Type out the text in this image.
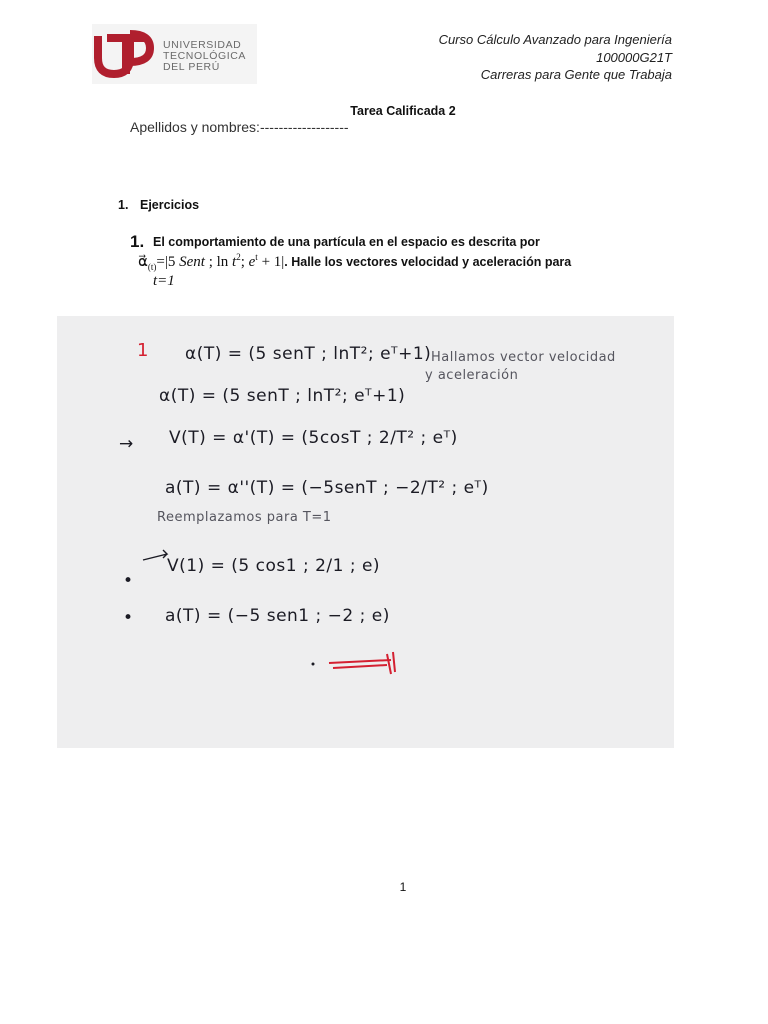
UNIVERSIDAD
TECNOLÓGICA
DEL PERÚ
Curso Cálculo Avanzado para Ingeniería
100000G21T
Carreras para Gente que Trabaja
Tarea Calificada 2
Apellidos y nombres:-------------------
1. Ejercicios
1. El comportamiento de una partícula en el espacio es descrita por
$\alpha⃗_{(t)}=|5$ Sent ; $\ln t^2$; $e^t + 1|$. Halle los vectores velocidad y aceleración para
t=1
1 α(T) = (5 senT ; lnT²; eᵀ+1) Hallamos vector velocidad
y aceleración
α(T) = (5 senT ; lnT²; eᵀ+1)
→ V(T) = α'(T) = (5cosT ; 2/T² ; eᵀ)
a(T) = α''(T) = (−5senT ; −2/T² ; eᵀ)
Reemplazamos para T=1
•
V(1) = (5 cos1 ; 2/1 ; e)
• a(T) = (−5 sen1 ; −2 ; e)
1
